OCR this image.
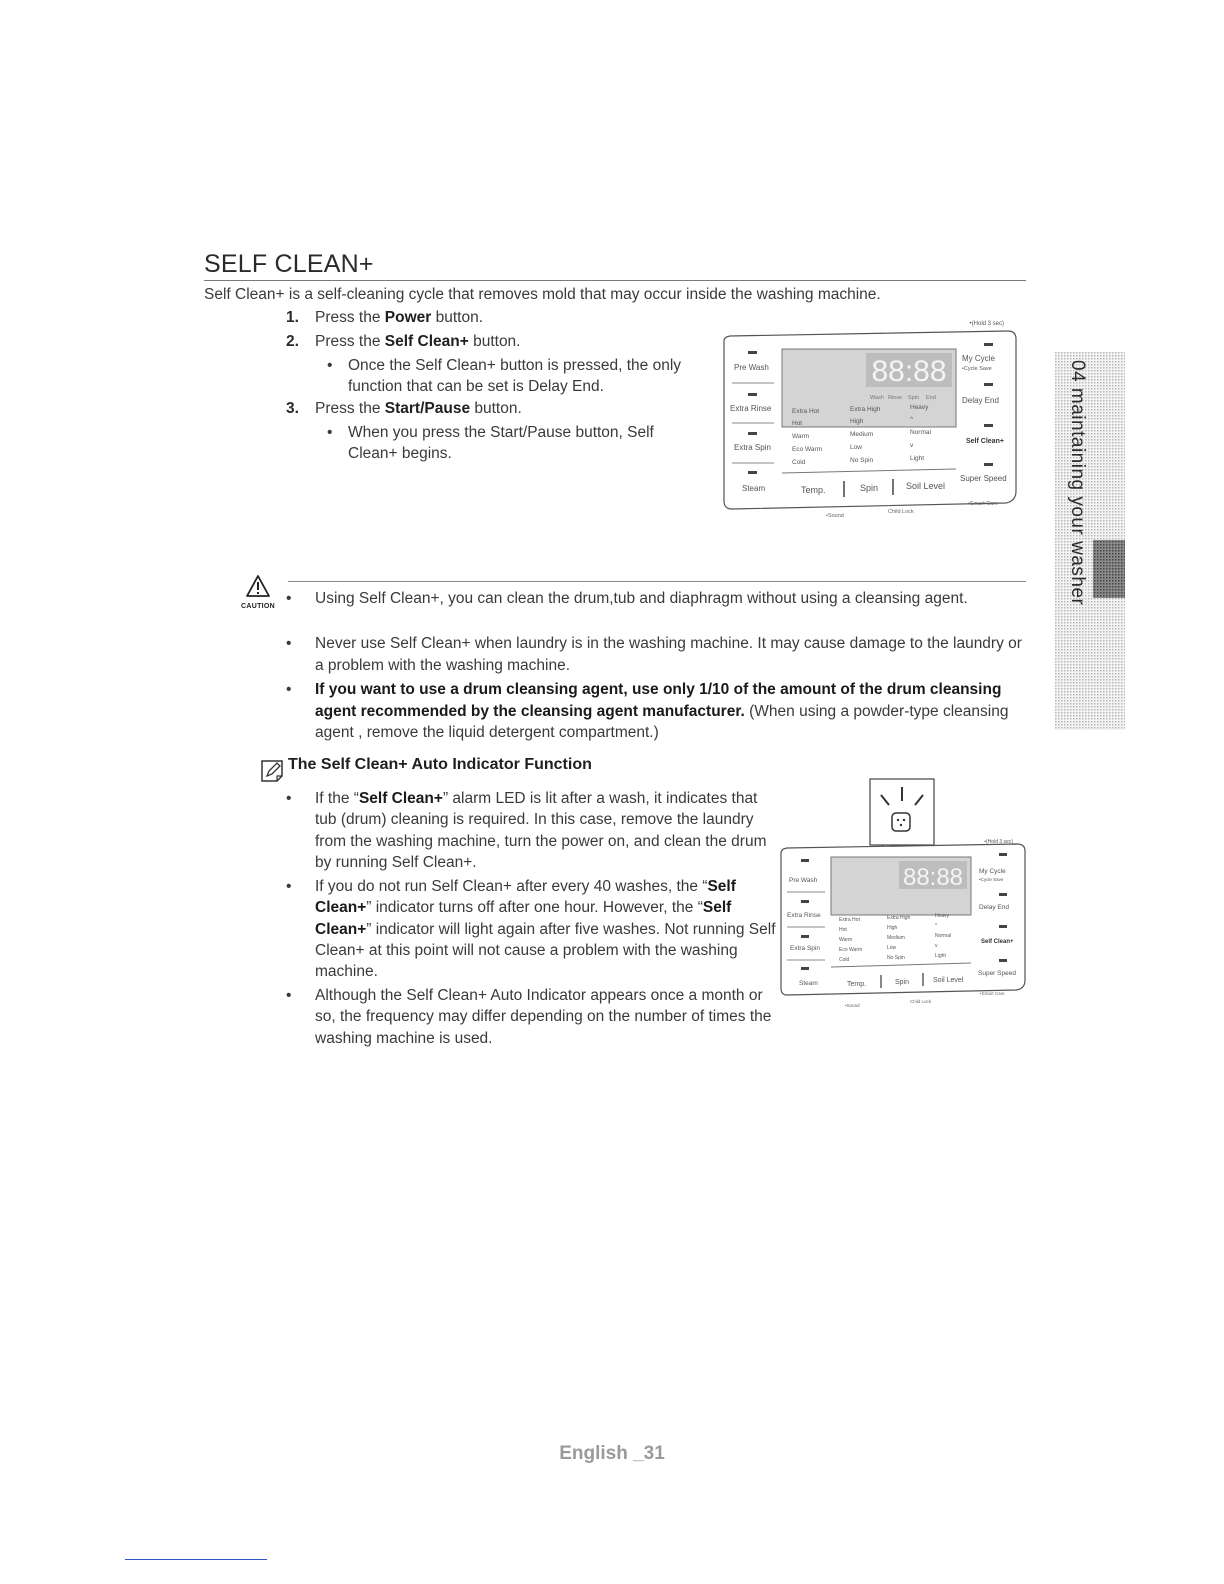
SELF CLEAN+
Self Clean+ is a self-cleaning cycle that removes mold that may occur inside the washing machine.
1. Press the Power button.
2. Press the Self Clean+ button.
• Once the Self Clean+ button is pressed, the only function that can be set is Delay End.
3. Press the Start/Pause button.
• When you press the Start/Pause button, Self Clean+ begins.
•(Hold 3 sec)
Pre Wash
Extra Rinse
Extra Spin
Steam
88:88
Wash Rinse Spin End
Extra Hot
Hot
Warm
Eco Warm
Cold
Extra High
High
Medium
Low
No Spin
Heavy
^
Normal
v
Light
Temp.	Spin	Soil Level
My Cycle
•Cycle Save
Delay End
Self Clean+
Super Speed
•Sound
Child Lock
•Smart Care
CAUTION • Using Self Clean+, you can clean the drum,tub and diaphragm without using a cleansing agent.
• Never use Self Clean+ when laundry is in the washing machine. It may cause damage to the laundry or a problem with the washing machine.
• If you want to use a drum cleansing agent, use only 1/10 of the amount of the drum cleansing agent recommended by the cleansing agent manufacturer. (When using a powder-type cleansing agent , remove the liquid detergent compartment.)
The Self Clean+ Auto Indicator Function
• If the “Self Clean+” alarm LED is lit after a wash, it indicates that tub (drum) cleaning is required. In this case, remove the laundry from the washing machine, turn the power on, and clean the drum by running Self Clean+.
• If you do not run Self Clean+ after every 40 washes, the “Self Clean+” indicator turns off after one hour. However, the “Self Clean+” indicator will light again after five washes. Not running Self Clean+ at this point will not cause a problem with the washing machine.
• Although the Self Clean+ Auto Indicator appears once a month or so, the frequency may differ depending on the number of times the washing machine is used.
•(Hold 3 sec)
Pre Wash
Extra Rinse
Extra Spin
Steam
88:88
Extra Hot
Hot
Warm
Eco Warm
Cold
Extra High
High
Medium
Low
No Spin
Heavy
^
Normal
v
Light
Temp.	Spin	Soil Level
My Cycle
•Cycle Save
Delay End
Self Clean+
Super Speed
•Sound
Child Lock
•Smart Care
04 maintaining your washer
English _31
